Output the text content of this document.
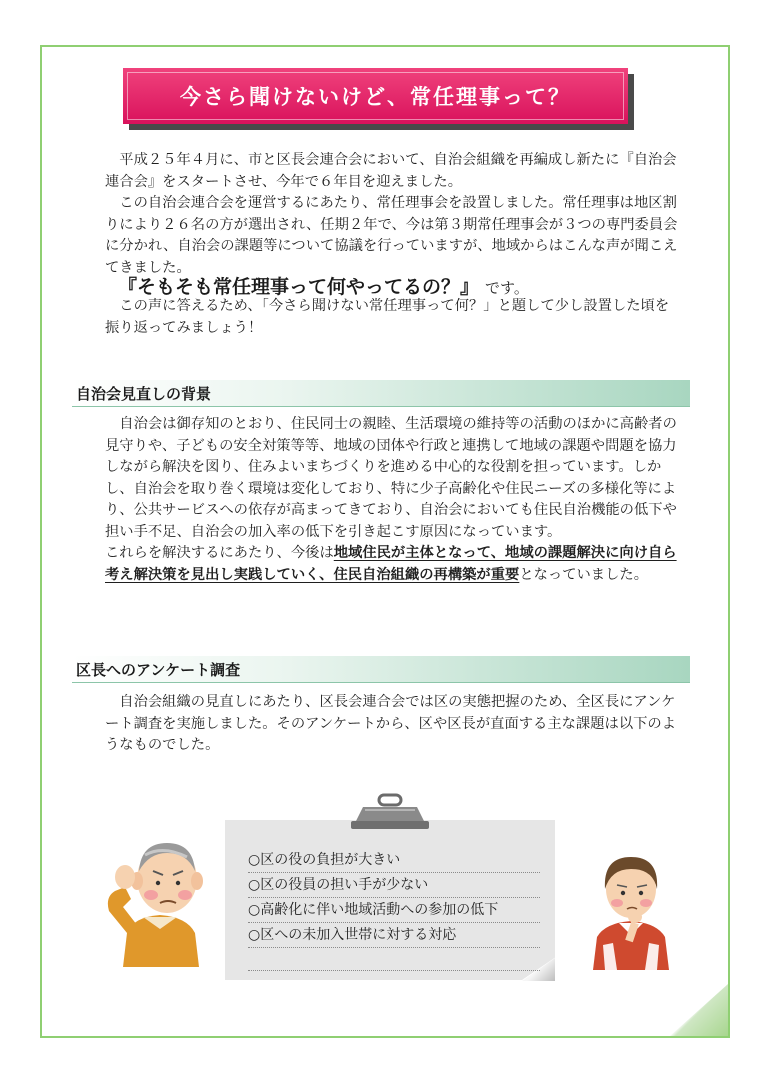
今さら聞けないけど、常任理事って？

平成２５年４月に、市と区長会連合会において、自治会組織を再編成し新たに『自治会連合会』をスタートさせ、今年で６年目を迎えました。

この自治会連合会を運営するにあたり、常任理事会を設置しました。常任理事は地区割りにより２６名の方が選出され、任期２年で、今は第３期常任理事会が３つの専門委員会に分かれ、自治会の課題等について協議を行っていますが、地域からはこんな声が聞こえてきました。

『そもそも常任理事って何やってるの？』 です。

この声に答えるため、「今さら聞けない常任理事って何？」と題して少し設置した頃を振り返ってみましょう！

自治会見直しの背景

自治会は御存知のとおり、住民同士の親睦、生活環境の維持等の活動のほかに高齢者の見守りや、子どもの安全対策等等、地域の団体や行政と連携して地域の課題や問題を協力しながら解決を図り、住みよいまちづくりを進める中心的な役割を担っています。しかし、自治会を取り巻く環境は変化しており、特に少子高齢化や住民ニーズの多様化等により、公共サービスへの依存が高まってきており、自治会においても住民自治機能の低下や担い手不足、自治会の加入率の低下を引き起こす原因になっています。

これらを解決するにあたり、今後は地域住民が主体となって、地域の課題解決に向け自ら考え解決策を見出し実践していく、住民自治組織の再構築が重要となっていました。

区長へのアンケート調査

自治会組織の見直しにあたり、区長会連合会では区の実態把握のため、全区長にアンケート調査を実施しました。そのアンケートから、区や区長が直面する主な課題は以下のようなものでした。

○区の役の負担が大きい
○区の役員の担い手が少ない
○高齢化に伴い地域活動への参加の低下
○区への未加入世帯に対する対応
